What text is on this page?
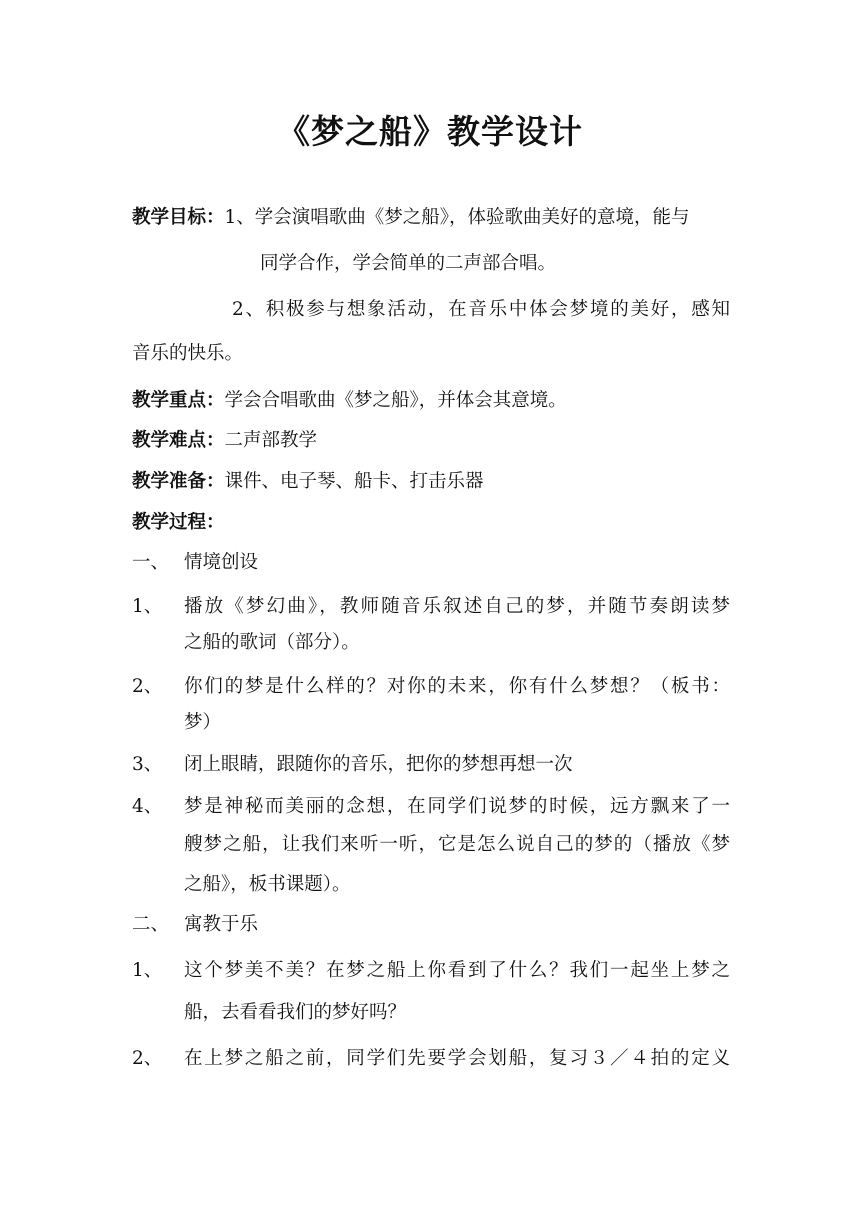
《梦之船》教学设计
教学目标：1、学会演唱歌曲《梦之船》，体验歌曲美好的意境，能与
同学合作，学会简单的二声部合唱。
2、积极参与想象活动，在音乐中体会梦境的美好，感知
音乐的快乐。
教学重点：学会合唱歌曲《梦之船》，并体会其意境。
教学难点：二声部教学
教学准备：课件、电子琴、船卡、打击乐器
教学过程：
一、 情境创设
1、 播放《梦幻曲》，教师随音乐叙述自己的梦，并随节奏朗读梦
之船的歌词（部分）。
2、 你们的梦是什么样的？对你的未来，你有什么梦想？（板书：
梦）
3、 闭上眼睛，跟随你的音乐，把你的梦想再想一次
4、 梦是神秘而美丽的念想，在同学们说梦的时候，远方飘来了一
艘梦之船，让我们来听一听，它是怎么说自己的梦的（播放《梦
之船》，板书课题）。
二、 寓教于乐
1、 这个梦美不美？在梦之船上你看到了什么？我们一起坐上梦之
船，去看看我们的梦好吗？
2、 在上梦之船之前，同学们先要学会划船，复习３／４拍的定义
